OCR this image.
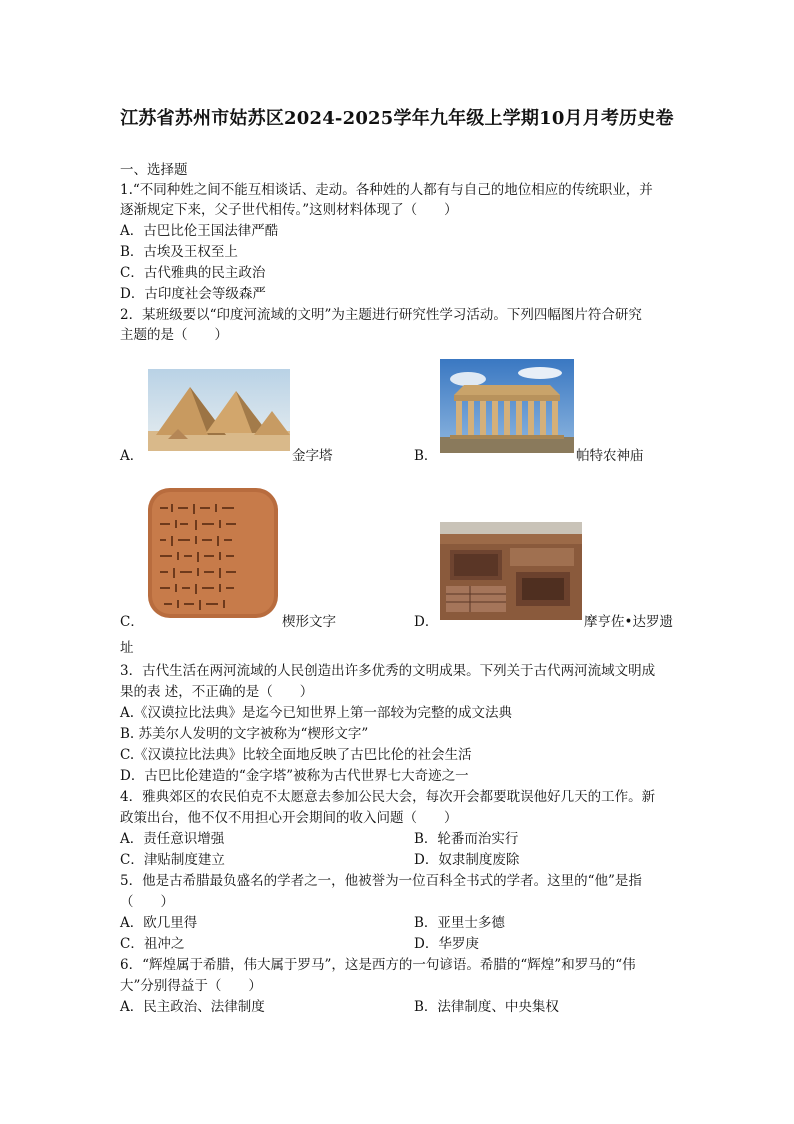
江苏省苏州市姑苏区2024-2025学年九年级上学期10月月考历史卷
一、选择题
1.“不同种姓之间不能互相谈话、走动。各种姓的人都有与自己的地位相应的传统职业，并
逐渐规定下来，父子世代相传。”这则材料体现了（　　）
A．古巴比伦王国法律严酷
B．古埃及王权至上
C．古代雅典的民主政治
D．古印度社会等级森严
2．某班级要以“印度河流域的文明”为主题进行研究性学习活动。下列四幅图片符合研究
主题的是（　　）
A．	金字塔	B．	帕特农神庙
C．	楔形文字	D．	摩亨佐•达罗遗
址
3．古代生活在两河流域的人民创造出许多优秀的文明成果。下列关于古代两河流域文明成
果的表 述，不正确的是（　　）
A.《汉谟拉比法典》是迄今已知世界上第一部较为完整的成文法典
B. 苏美尔人发明的文字被称为“楔形文字”
C.《汉谟拉比法典》比较全面地反映了古巴比伦的社会生活
D．古巴比伦建造的“金字塔”被称为古代世界七大奇迹之一
4．雅典郊区的农民伯克不太愿意去参加公民大会，每次开会都要耽误他好几天的工作。新
政策出台，他不仅不用担心开会期间的收入问题（　　）
A．责任意识增强	B．轮番而治实行
C．津贴制度建立	D．奴隶制度废除
5．他是古希腊最负盛名的学者之一，他被誉为一位百科全书式的学者。这里的“他”是指
（　　）
A．欧几里得	B．亚里士多德
C．祖冲之	D．华罗庚
6．“辉煌属于希腊，伟大属于罗马”，这是西方的一句谚语。希腊的“辉煌”和罗马的“伟
大”分别得益于（　　）
A．民主政治、法律制度	B．法律制度、中央集权
